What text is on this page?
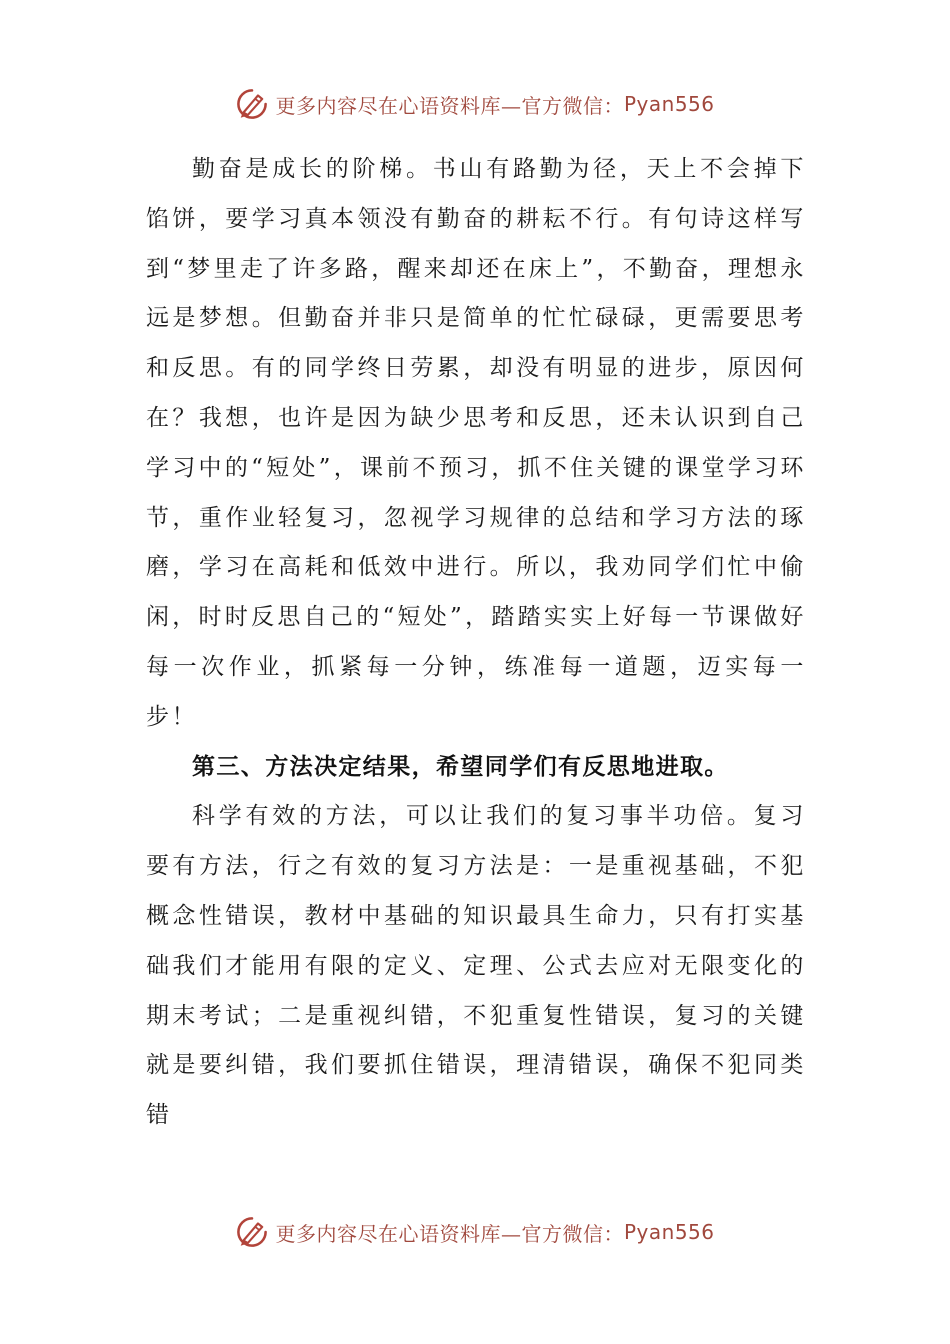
更多内容尽在心语资料库—官方微信： Pyan556

勤奋是成长的阶梯。书山有路勤为径，天上不会掉下馅饼，要学习真本领没有勤奋的耕耘不行。有句诗这样写到“梦里走了许多路，醒来却还在床上”，不勤奋，理想永远是梦想。但勤奋并非只是简单的忙忙碌碌，更需要思考和反思。有的同学终日劳累，却没有明显的进步，原因何在？我想，也许是因为缺少思考和反思，还未认识到自己学习中的“短处”，课前不预习，抓不住关键的课堂学习环节，重作业轻复习，忽视学习规律的总结和学习方法的琢磨，学习在高耗和低效中进行。所以，我劝同学们忙中偷闲，时时反思自己的“短处”，踏踏实实上好每一节课做好每一次作业，抓紧每一分钟，练准每一道题，迈实每一步！

第三、方法决定结果，希望同学们有反思地进取。

科学有效的方法，可以让我们的复习事半功倍。复习要有方法，行之有效的复习方法是：一是重视基础，不犯概念性错误，教材中基础的知识最具生命力，只有打实基础我们才能用有限的定义、定理、公式去应对无限变化的期末考试；二是重视纠错，不犯重复性错误，复习的关键就是要纠错，我们要抓住错误，理清错误，确保不犯同类错

更多内容尽在心语资料库—官方微信： Pyan556
